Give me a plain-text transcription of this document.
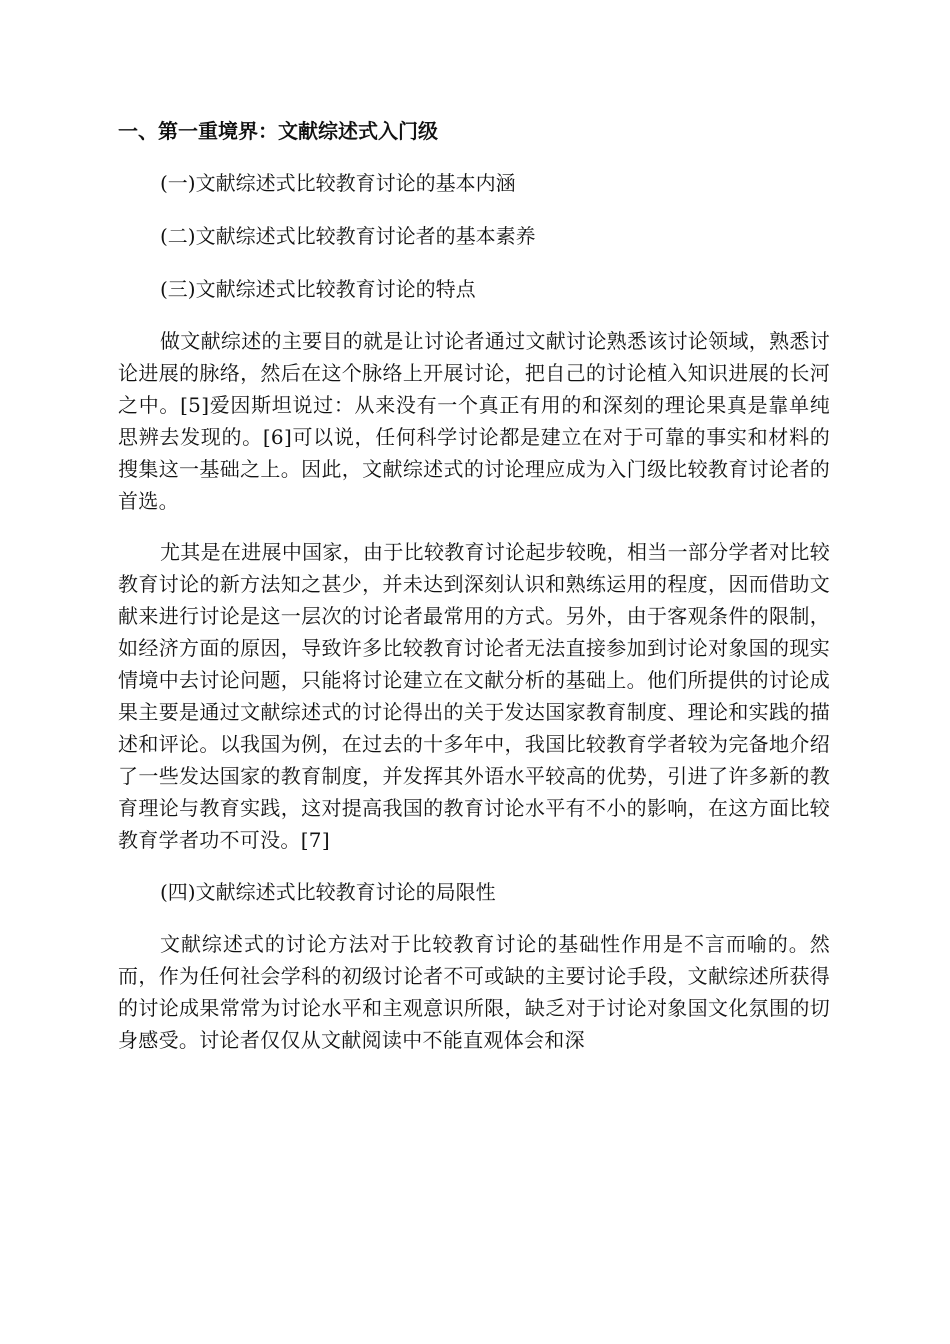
一、第一重境界：文献综述式入门级
(一)文献综述式比较教育讨论的基本内涵
(二)文献综述式比较教育讨论者的基本素养
(三)文献综述式比较教育讨论的特点

做文献综述的主要目的就是让讨论者通过文献讨论熟悉该讨论领域，熟悉讨论进展的脉络，然后在这个脉络上开展讨论，把自己的讨论植入知识进展的长河之中。[5]爱因斯坦说过：从来没有一个真正有用的和深刻的理论果真是靠单纯思辨去发现的。[6]可以说，任何科学讨论都是建立在对于可靠的事实和材料的搜集这一基础之上。因此，文献综述式的讨论理应成为入门级比较教育讨论者的首选。

尤其是在进展中国家，由于比较教育讨论起步较晚，相当一部分学者对比较教育讨论的新方法知之甚少，并未达到深刻认识和熟练运用的程度，因而借助文献来进行讨论是这一层次的讨论者最常用的方式。另外，由于客观条件的限制，如经济方面的原因，导致许多比较教育讨论者无法直接参加到讨论对象国的现实情境中去讨论问题，只能将讨论建立在文献分析的基础上。他们所提供的讨论成果主要是通过文献综述式的讨论得出的关于发达国家教育制度、理论和实践的描述和评论。以我国为例，在过去的十多年中，我国比较教育学者较为完备地介绍了一些发达国家的教育制度，并发挥其外语水平较高的优势，引进了许多新的教育理论与教育实践，这对提高我国的教育讨论水平有不小的影响，在这方面比较教育学者功不可没。[7]

(四)文献综述式比较教育讨论的局限性

文献综述式的讨论方法对于比较教育讨论的基础性作用是不言而喻的。然而，作为任何社会学科的初级讨论者不可或缺的主要讨论手段，文献综述所获得的讨论成果常常为讨论水平和主观意识所限，缺乏对于讨论对象国文化氛围的切身感受。讨论者仅仅从文献阅读中不能直观体会和深
